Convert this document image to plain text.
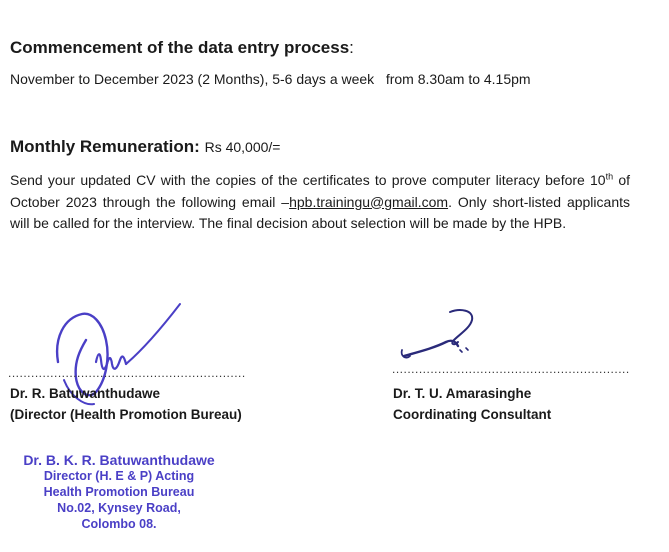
Commencement of the data entry process:
November to December 2023 (2 Months), 5-6 days a week   from 8.30am to 4.15pm
Monthly Remuneration: Rs 40,000/=
Send your updated CV with the copies of the certificates to prove computer literacy before 10th of October 2023 through the following email –hpb.trainingu@gmail.com. Only short-listed applicants will be called for the interview. The final decision about selection will be made by the HPB.
..............................................................
Dr. R. Batuwanthudawe
(Director (Health Promotion Bureau)
..............................................................
Dr. T. U. Amarasinghe
Coordinating Consultant
Dr. B. K. R. Batuwanthudawe
Director (H. E & P) Acting
Health Promotion Bureau
No.02, Kynsey Road,
Colombo 08.
